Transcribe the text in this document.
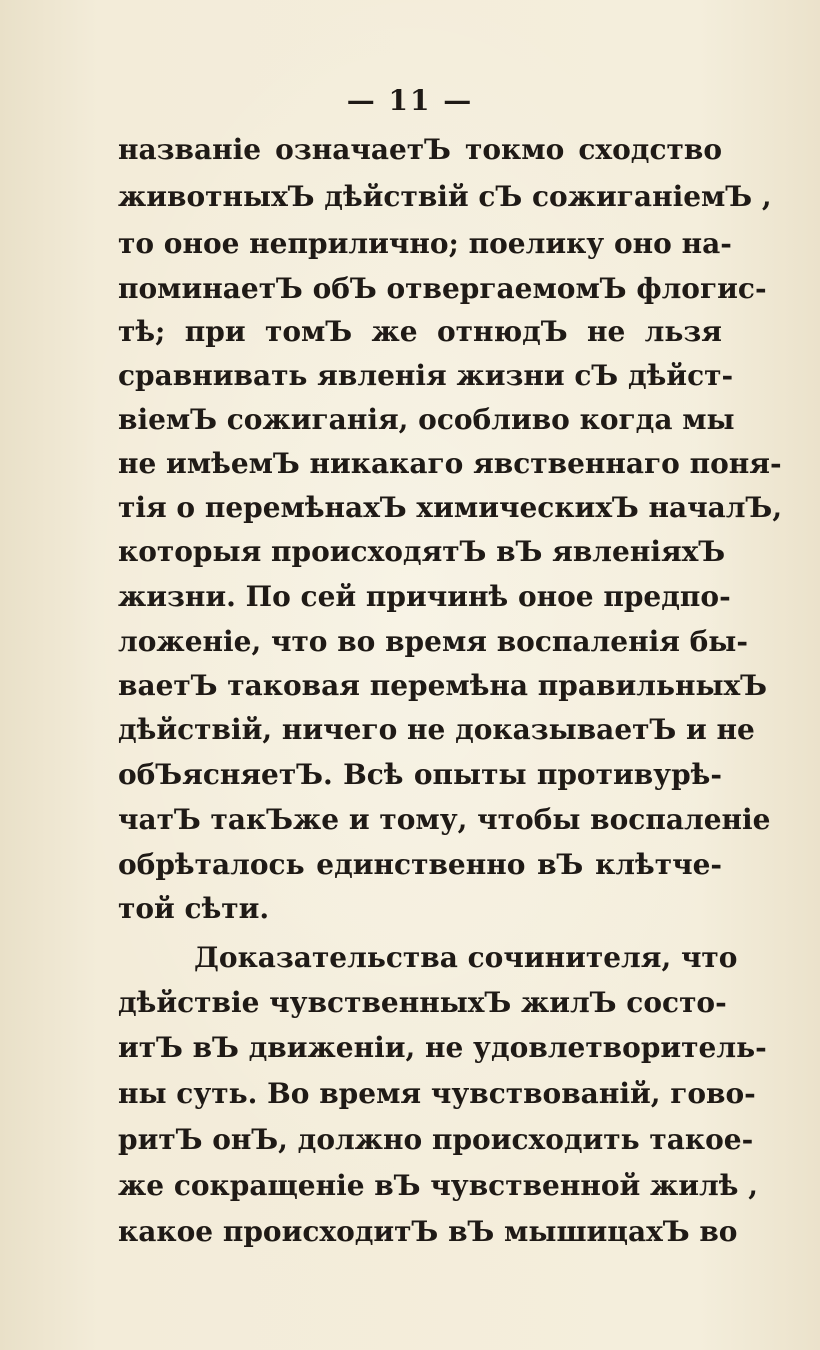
— 11 —
названіе означаетЪ токмо сходство
животныхЪ дѣйствій сЪ сожиганіемЪ ,
то оное неприлично; поелику оно на-
поминаетЪ обЪ отвергаемомЪ флогис-
тѣ; при томЪ же отнюдЪ не льзя
сравнивать явленія жизни сЪ дѣйст-
віемЪ сожиганія, особливо когда мы
не имѣемЪ никакаго явственнаго поня-
тія о перемѣнахЪ химическихЪ началЪ,
которыя происходятЪ вЪ явленіяхЪ
жизни. По сей причинѣ оное предпо-
ложеніе, что во время воспаленія бы-
ваетЪ таковая перемѣна правильныхЪ
дѣйствій, ничего не доказываетЪ и не
обЪясняетЪ. Всѣ опыты противурѣ-
чатЪ такЪже и тому, чтобы воспаленіе
обрѣталось единственно вЪ клѣтче-
той сѣти.
Доказательства сочинителя, что
дѣйствіе чувственныхЪ жилЪ состо-
итЪ вЪ движеніи, не удовлетворитель-
ны суть. Во время чувствованій, гово-
ритЪ онЪ, должно происходить такое-
же сокращеніе вЪ чувственной жилѣ ,
какое происходитЪ вЪ мышицахЪ во
